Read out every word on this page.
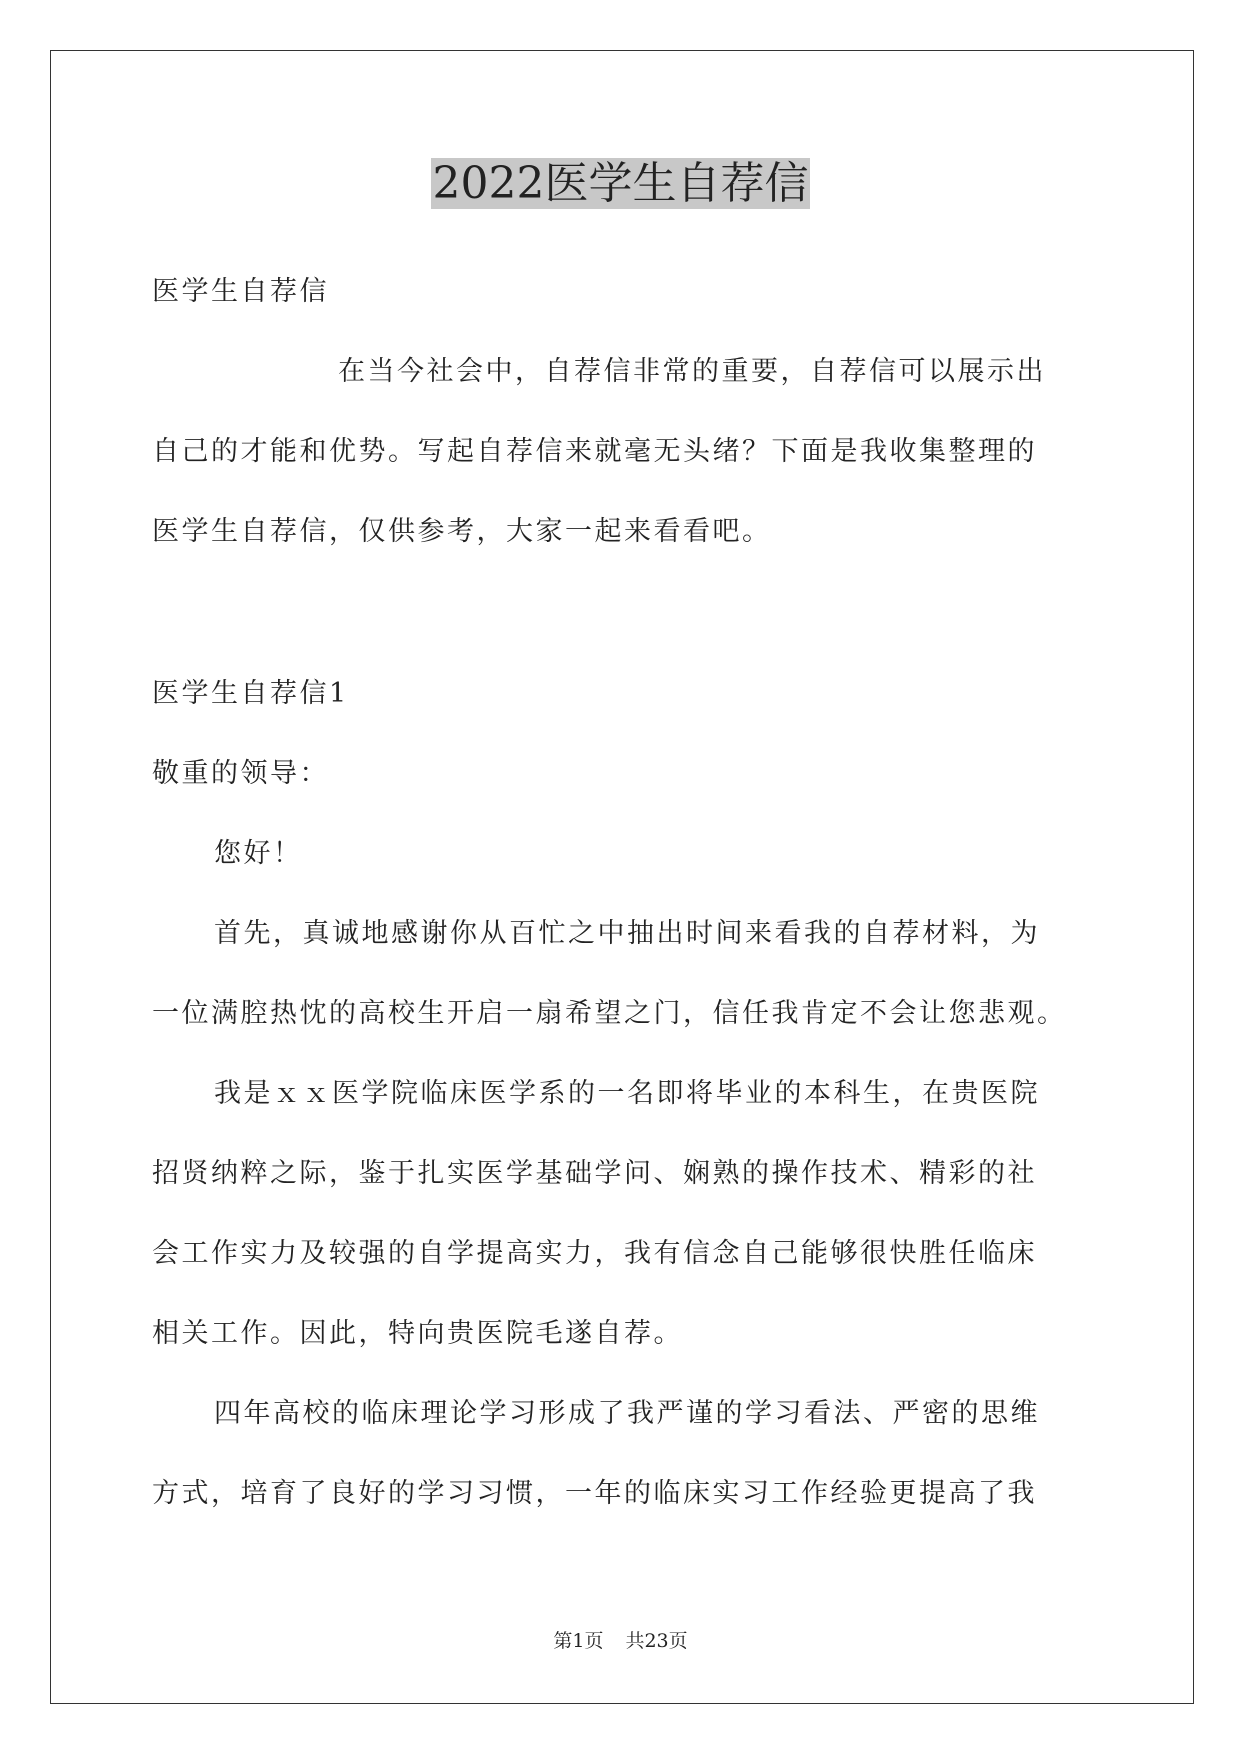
2022医学生自荐信

医学生自荐信

在当今社会中，自荐信非常的重要，自荐信可以展示出

自己的才能和优势。写起自荐信来就毫无头绪？下面是我收集整理的

医学生自荐信，仅供参考，大家一起来看看吧。

医学生自荐信1

敬重的领导：

您好！

首先，真诚地感谢你从百忙之中抽出时间来看我的自荐材料，为

一位满腔热忱的高校生开启一扇希望之门，信任我肯定不会让您悲观。

我是ｘｘ医学院临床医学系的一名即将毕业的本科生，在贵医院

招贤纳粹之际，鉴于扎实医学基础学问、娴熟的操作技术、精彩的社

会工作实力及较强的自学提高实力，我有信念自己能够很快胜任临床

相关工作。因此，特向贵医院毛遂自荐。

四年高校的临床理论学习形成了我严谨的学习看法、严密的思维

方式，培育了良好的学习习惯，一年的临床实习工作经验更提高了我

第1页 共23页
